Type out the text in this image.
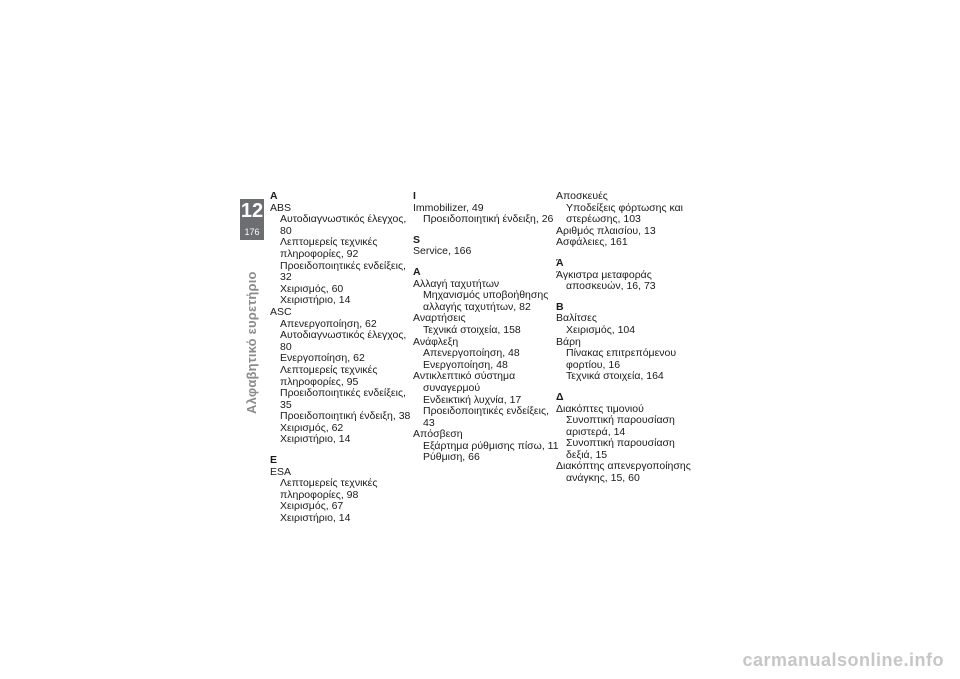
12
176
Αλφαβητικό ευρετήριο
A
ABS
Αυτοδιαγνωστικός έλεγχος, 80
Λεπτομερείς τεχνικές
πληροφορίες, 92
Προειδοποιητικές ενδείξεις, 32
Χειρισμός, 60
Χειριστήριο, 14
ASC
Απενεργοποίηση, 62
Αυτοδιαγνωστικός έλεγχος, 80
Ενεργοποίηση, 62
Λεπτομερείς τεχνικές
πληροφορίες, 95
Προειδοποιητικές ενδείξεις, 35
Προειδοποιητική ένδειξη, 38
Χειρισμός, 62
Χειριστήριο, 14
E
ESA
Λεπτομερείς τεχνικές
πληροφορίες, 98
Χειρισμός, 67
Χειριστήριο, 14
I
Immobilizer, 49
Προειδοποιητική ένδειξη, 26
S
Service, 166
Α
Αλλαγή ταχυτήτων
Μηχανισμός υποβοήθησης
αλλαγής ταχυτήτων, 82
Αναρτήσεις
Τεχνικά στοιχεία, 158
Ανάφλεξη
Απενεργοποίηση, 48
Ενεργοποίηση, 48
Αντικλεπτικό σύστημα
συναγερμού
Ενδεικτική λυχνία, 17
Προειδοποιητικές ενδείξεις, 43
Απόσβεση
Εξάρτημα ρύθμισης πίσω, 11
Ρύθμιση, 66
Αποσκευές
Υποδείξεις φόρτωσης και
στερέωσης, 103
Αριθμός πλαισίου, 13
Ασφάλειες, 161
Ά
Άγκιστρα μεταφοράς
αποσκευών, 16, 73
Β
Βαλίτσες
Χειρισμός, 104
Βάρη
Πίνακας επιτρεπόμενου
φορτίου, 16
Τεχνικά στοιχεία, 164
Δ
Διακόπτες τιμονιού
Συνοπτική παρουσίαση
αριστερά, 14
Συνοπτική παρουσίαση
δεξιά, 15
Διακόπτης απενεργοποίησης
ανάγκης, 15, 60
carmanualsonline.info
